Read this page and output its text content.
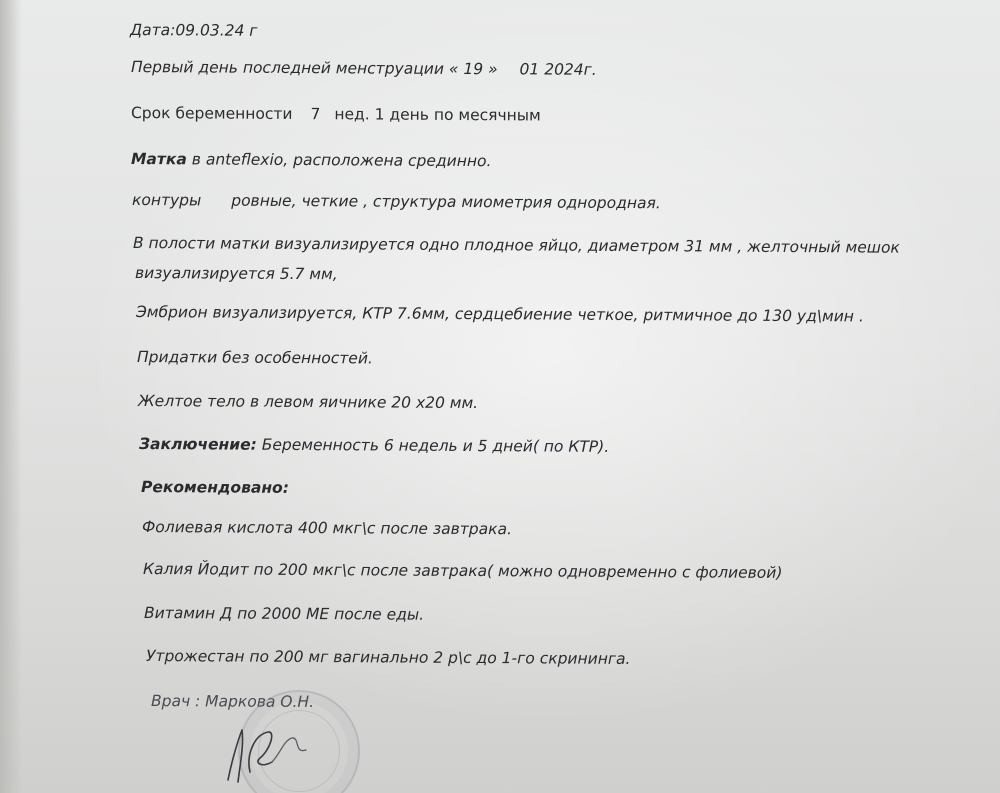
Дата:09.03.24 г
Первый день последней менструации « 19 » 01 2024г.
Срок беременности 7 нед. 1 день по месячным
Матка в anteflexio, расположена срединно.
контуры ровные, четкие , структура миометрия однородная.
В полости матки визуализируется одно плодное яйцо, диаметром 31 мм , желточный мешок
визуализируется 5.7 мм,
Эмбрион визуализируется, КТР 7.6мм, сердцебиение четкое, ритмичное до 130 уд\мин .
Придатки без особенностей.
Желтое тело в левом яичнике 20 х20 мм.
Заключение: Беременность 6 недель и 5 дней( по КТР).
Рекомендовано:
Фолиевая кислота 400 мкг\с после завтрака.
Калия Йодит по 200 мкг\с после завтрака( можно одновременно с фолиевой)
Витамин Д по 2000 МЕ после еды.
Утрожестан по 200 мг вагинально 2 р\с до 1-го скрининга.
Врач : Маркова О.Н.
